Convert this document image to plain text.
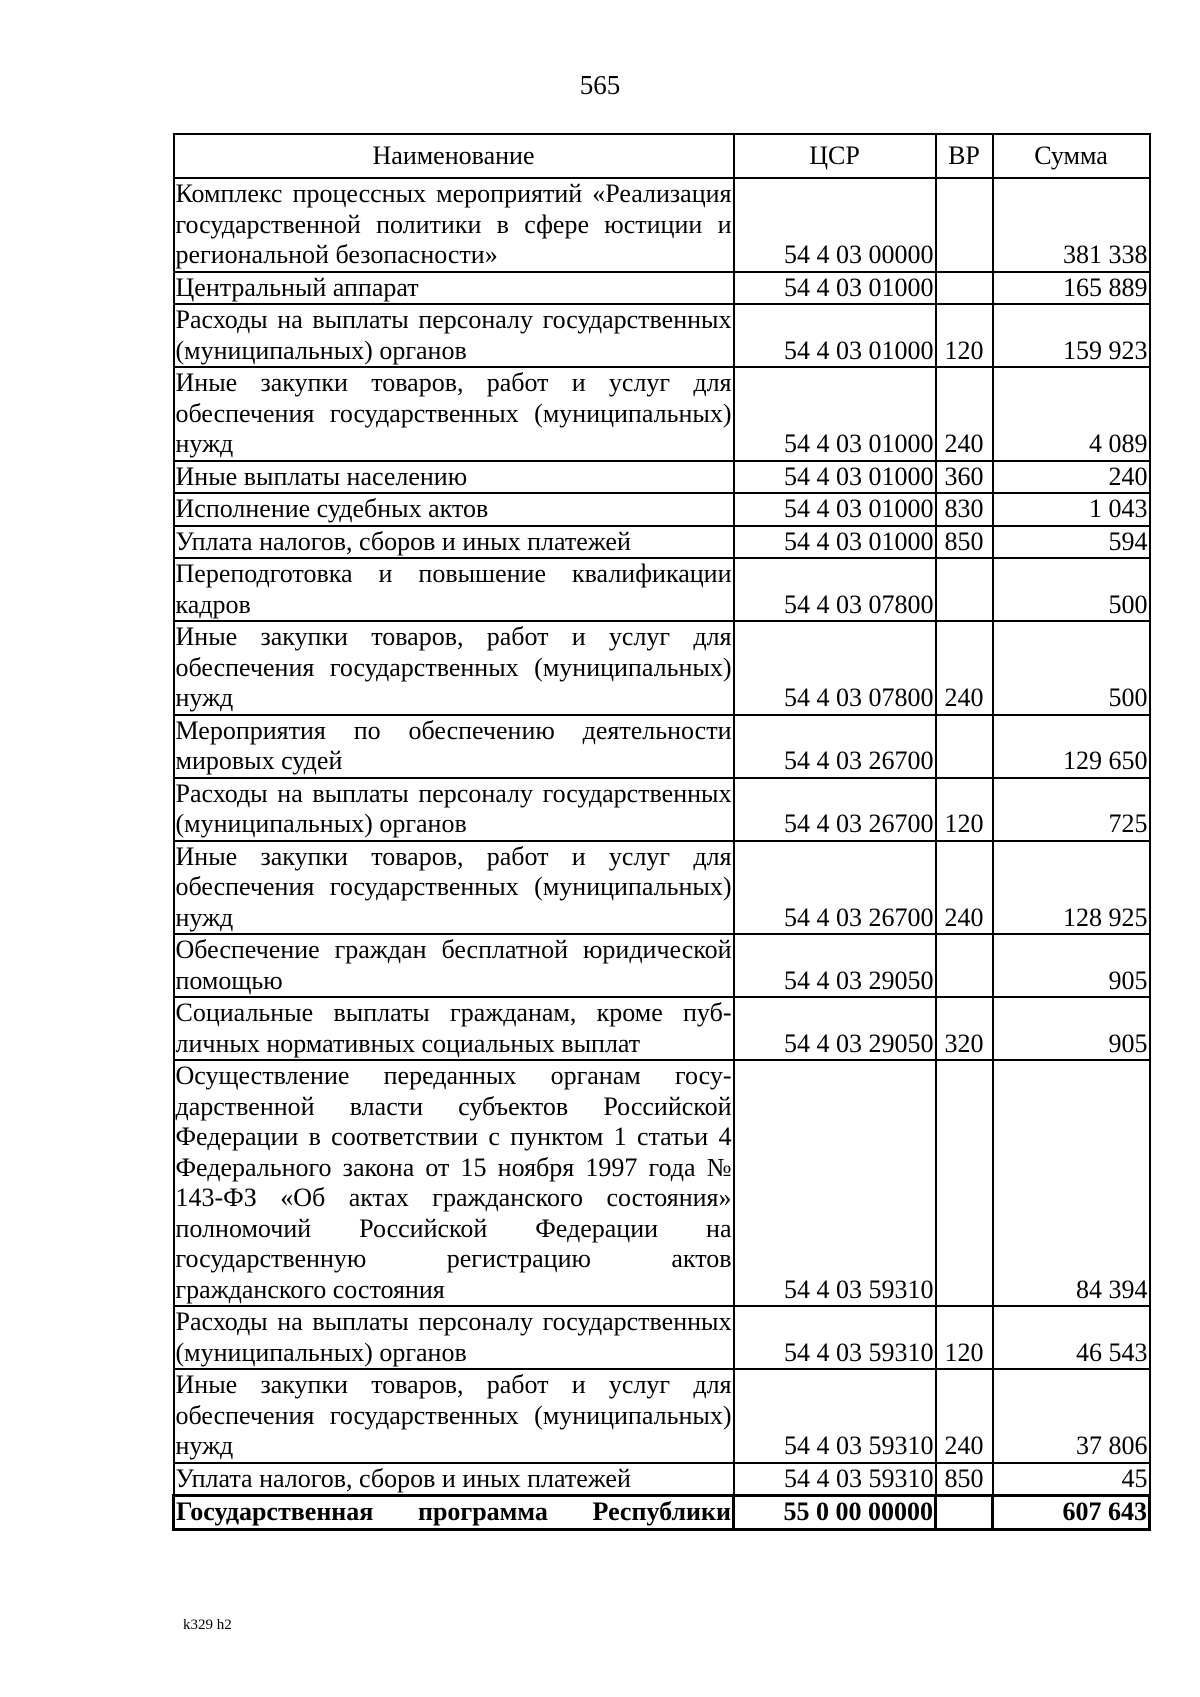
565
Наименование	ЦСР	ВР	Сумма
Комплекс процессных мероприятий «Реализация государственной политики в сфере юстиции и региональной безопасности»	54 4 03 00000		381 338
Центральный аппарат	54 4 03 01000		165 889
Расходы на выплаты персоналу государственных (муниципальных) органов	54 4 03 01000	120	159 923
Иные закупки товаров, работ и услуг для обеспечения государственных (муниципальных) нужд	54 4 03 01000	240	4 089
Иные выплаты населению	54 4 03 01000	360	240
Исполнение судебных актов	54 4 03 01000	830	1 043
Уплата налогов, сборов и иных платежей	54 4 03 01000	850	594
Переподготовка и повышение квалификации кадров	54 4 03 07800		500
Иные закупки товаров, работ и услуг для обеспечения государственных (муниципальных) нужд	54 4 03 07800	240	500
Мероприятия по обеспечению деятельности мировых судей	54 4 03 26700		129 650
Расходы на выплаты персоналу государственных (муниципальных) органов	54 4 03 26700	120	725
Иные закупки товаров, работ и услуг для обеспечения государственных (муниципальных) нужд	54 4 03 26700	240	128 925
Обеспечение граждан бесплатной юридической помощью	54 4 03 29050		905
Социальные выплаты гражданам, кроме публичных нормативных социальных выплат	54 4 03 29050	320	905
Осуществление переданных органам государственной власти субъектов Российской Федерации в соответствии с пунктом 1 статьи 4 Федерального закона от 15 ноября 1997 года № 143-ФЗ «Об актах гражданского состояния» полномочий Российской Федерации на государственную регистрацию актов гражданского состояния	54 4 03 59310		84 394
Расходы на выплаты персоналу государственных (муниципальных) органов	54 4 03 59310	120	46 543
Иные закупки товаров, работ и услуг для обеспечения государственных (муниципальных) нужд	54 4 03 59310	240	37 806
Уплата налогов, сборов и иных платежей	54 4 03 59310	850	45
Государственная программа Республики	55 0 00 00000		607 643
k329 h2
